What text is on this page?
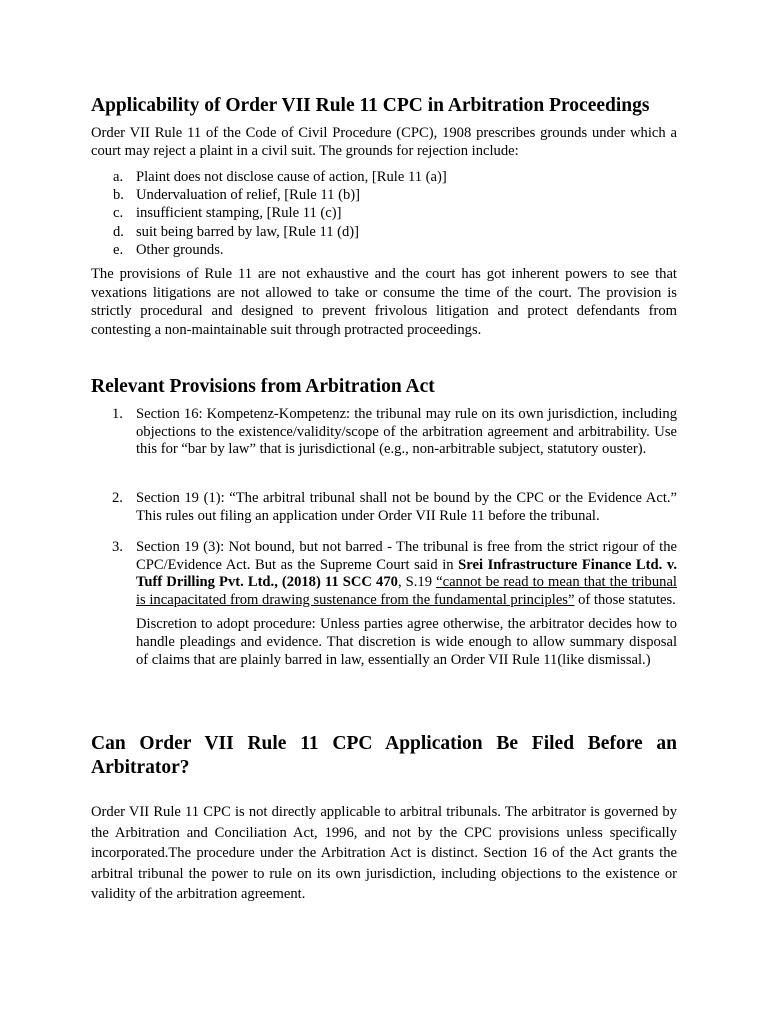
Applicability of Order VII Rule 11 CPC in Arbitration Proceedings

Order VII Rule 11 of the Code of Civil Procedure (CPC), 1908 prescribes grounds under which a court may reject a plaint in a civil suit. The grounds for rejection include:

a. Plaint does not disclose cause of action, [Rule 11 (a)]
b. Undervaluation of relief, [Rule 11 (b)]
c. insufficient stamping, [Rule 11 (c)]
d. suit being barred by law, [Rule 11 (d)]
e. Other grounds.

The provisions of Rule 11 are not exhaustive and the court has got inherent powers to see that vexations litigations are not allowed to take or consume the time of the court. The provision is strictly procedural and designed to prevent frivolous litigation and protect defendants from contesting a non-maintainable suit through protracted proceedings.

Relevant Provisions from Arbitration Act
1. Section 16: Kompetenz-Kompetenz: the tribunal may rule on its own jurisdiction, including objections to the existence/validity/scope of the arbitration agreement and arbitrability. Use this for “bar by law” that is jurisdictional (e.g., non-arbitrable subject, statutory ouster).
2. Section 19 (1): “The arbitral tribunal shall not be bound by the CPC or the Evidence Act.” This rules out filing an application under Order VII Rule 11 before the tribunal.
3. Section 19 (3): Not bound, but not barred - The tribunal is free from the strict rigour of the CPC/Evidence Act. But as the Supreme Court said in Srei Infrastructure Finance Ltd. v. Tuff Drilling Pvt. Ltd., (2018) 11 SCC 470, S.19 “cannot be read to mean that the tribunal is incapacitated from drawing sustenance from the fundamental principles” of those statutes.
Discretion to adopt procedure: Unless parties agree otherwise, the arbitrator decides how to handle pleadings and evidence. That discretion is wide enough to allow summary disposal of claims that are plainly barred in law, essentially an Order VII Rule 11(like dismissal.)
Can Order VII Rule 11 CPC Application Be Filed Before an Arbitrator?

Order VII Rule 11 CPC is not directly applicable to arbitral tribunals. The arbitrator is governed by the Arbitration and Conciliation Act, 1996, and not by the CPC provisions unless specifically incorporated.The procedure under the Arbitration Act is distinct. Section 16 of the Act grants the arbitral tribunal the power to rule on its own jurisdiction, including objections to the existence or validity of the arbitration agreement.
